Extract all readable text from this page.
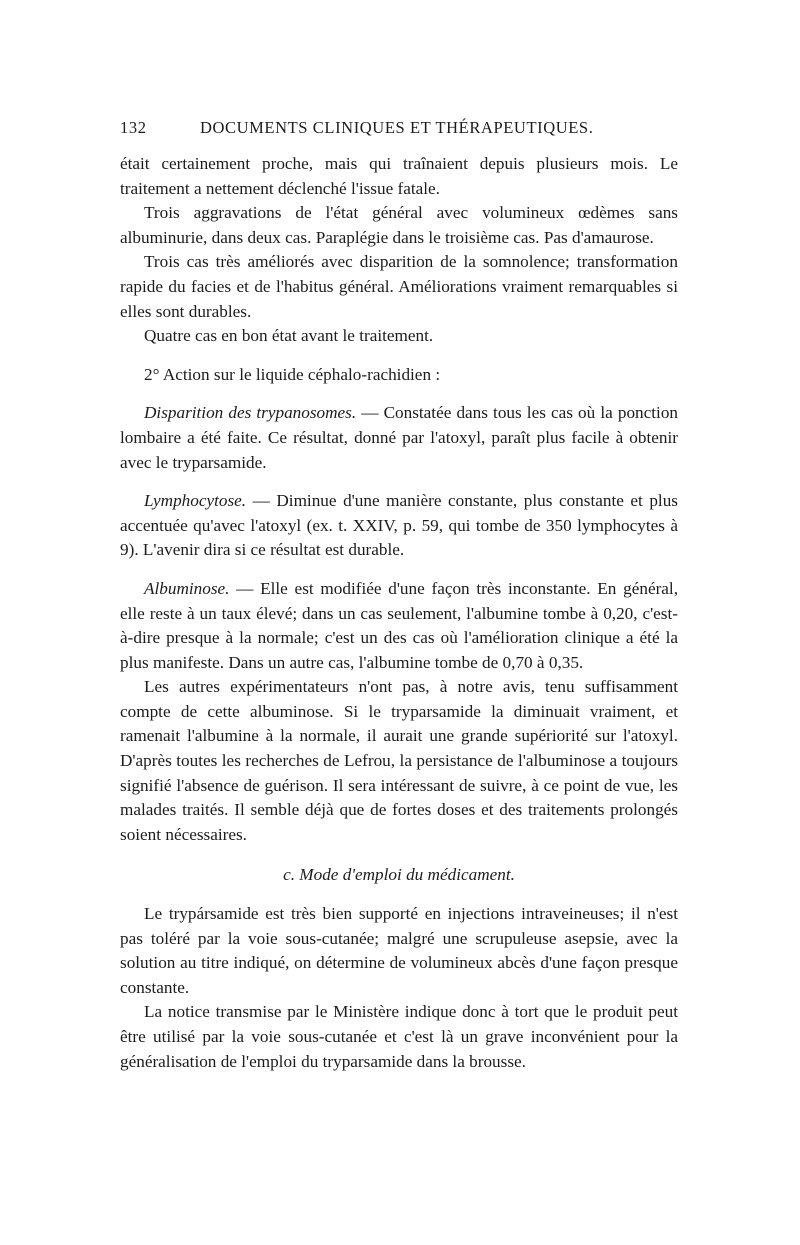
132	DOCUMENTS CLINIQUES ET THÉRAPEUTIQUES.

était certainement proche, mais qui traînaient depuis plusieurs mois. Le traitement a nettement déclenché l'issue fatale.

Trois aggravations de l'état général avec volumineux œdèmes sans albuminurie, dans deux cas. Paraplégie dans le troisième cas. Pas d'amaurose.

Trois cas très améliorés avec disparition de la somnolence; transformation rapide du facies et de l'habitus général. Améliorations vraiment remarquables si elles sont durables.

Quatre cas en bon état avant le traitement.

2° Action sur le liquide céphalo-rachidien :

Disparition des trypanosomes. — Constatée dans tous les cas où la ponction lombaire a été faite. Ce résultat, donné par l'atoxyl, paraît plus facile à obtenir avec le tryparsamide.

Lymphocytose. — Diminue d'une manière constante, plus constante et plus accentuée qu'avec l'atoxyl (ex. t. XXIV, p. 59, qui tombe de 350 lymphocytes à 9). L'avenir dira si ce résultat est durable.

Albuminose. — Elle est modifiée d'une façon très inconstante. En général, elle reste à un taux élevé; dans un cas seulement, l'albumine tombe à 0,20, c'est-à-dire presque à la normale; c'est un des cas où l'amélioration clinique a été la plus manifeste. Dans un autre cas, l'albumine tombe de 0,70 à 0,35.

Les autres expérimentateurs n'ont pas, à notre avis, tenu suffisamment compte de cette albuminose. Si le tryparsamide la diminuait vraiment, et ramenait l'albumine à la normale, il aurait une grande supériorité sur l'atoxyl. D'après toutes les recherches de Lefrou, la persistance de l'albuminose a toujours signifié l'absence de guérison. Il sera intéressant de suivre, à ce point de vue, les malades traités. Il semble déjà que de fortes doses et des traitements prolongés soient nécessaires.

c. Mode d'emploi du médicament.

Le trypársamide est très bien supporté en injections intraveineuses; il n'est pas toléré par la voie sous-cutanée; malgré une scrupuleuse asepsie, avec la solution au titre indiqué, on détermine de volumineux abcès d'une façon presque constante.

La notice transmise par le Ministère indique donc à tort que le produit peut être utilisé par la voie sous-cutanée et c'est là un grave inconvénient pour la généralisation de l'emploi du tryparsamide dans la brousse.
